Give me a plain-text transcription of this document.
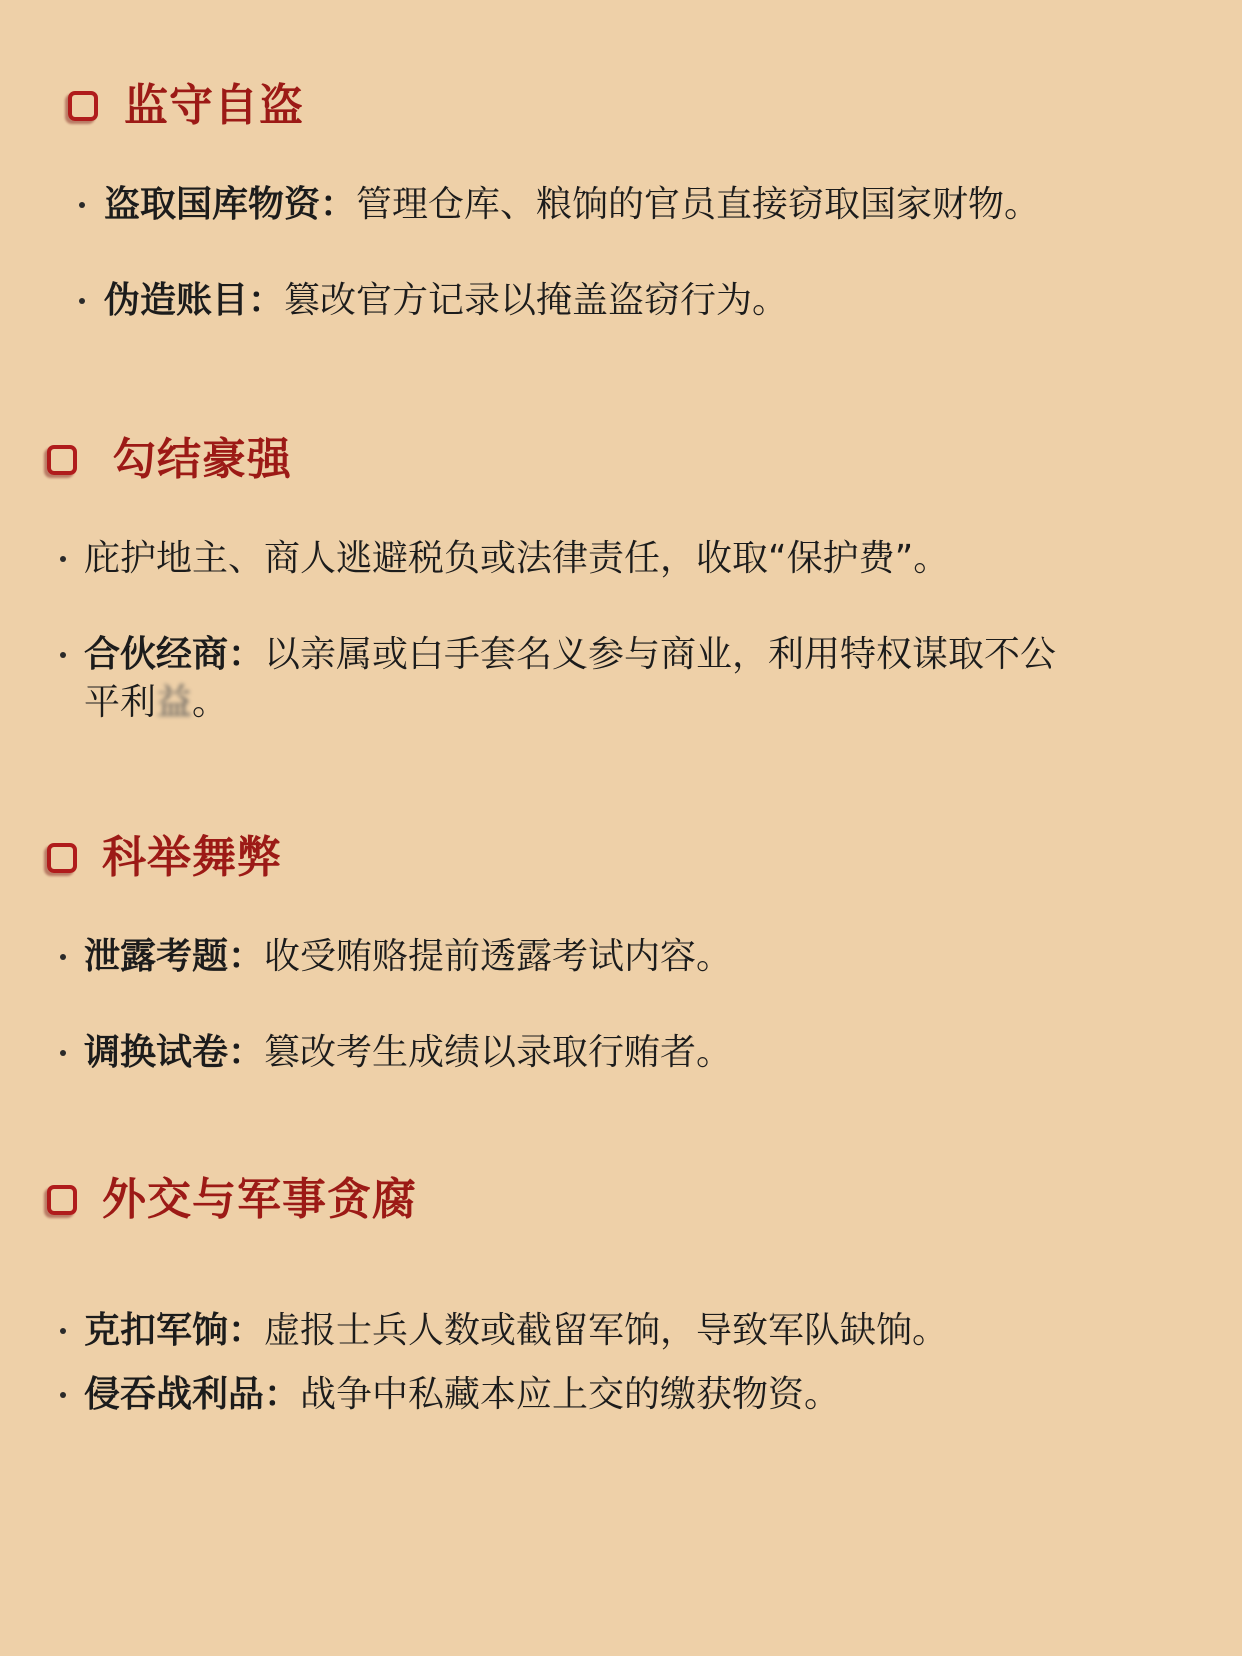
监守自盗
盗取国库物资：管理仓库、粮饷的官员直接窃取国家财物。
伪造账目：篡改官方记录以掩盖盗窃行为。
勾结豪强
庇护地主、商人逃避税负或法律责任，收取“保护费”。
合伙经商：以亲属或白手套名义参与商业，利用特权谋取不公
平利益。
科举舞弊
泄露考题：收受贿赂提前透露考试内容。
调换试卷：篡改考生成绩以录取行贿者。
外交与军事贪腐
克扣军饷：虚报士兵人数或截留军饷，导致军队缺饷。
侵吞战利品：战争中私藏本应上交的缴获物资。
